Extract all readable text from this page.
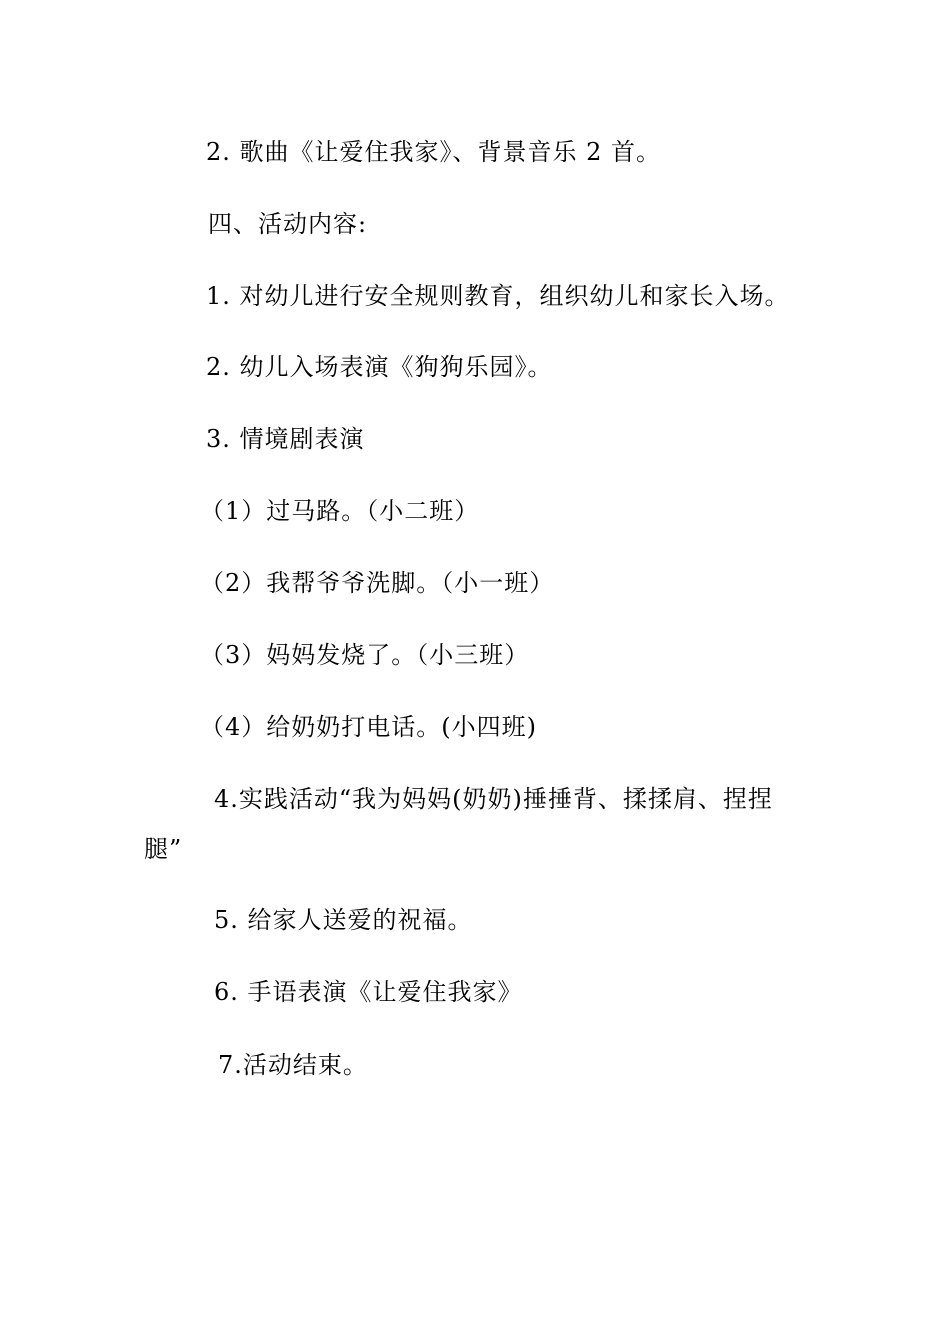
2. 歌曲《让爱住我家》、背景音乐 2 首。
四、活动内容:
1. 对幼儿进行安全规则教育，组织幼儿和家长入场。
2. 幼儿入场表演《狗狗乐园》。
3. 情境剧表演
（1）过马路。（小二班）
（2）我帮爷爷洗脚。（小一班）
（3）妈妈发烧了。（小三班）
（4）给奶奶打电话。(小四班)
4.实践活动“我为妈妈(奶奶)捶捶背、揉揉肩、捏捏
腿”
5. 给家人送爱的祝福。
6. 手语表演《让爱住我家》
7.活动结束。
